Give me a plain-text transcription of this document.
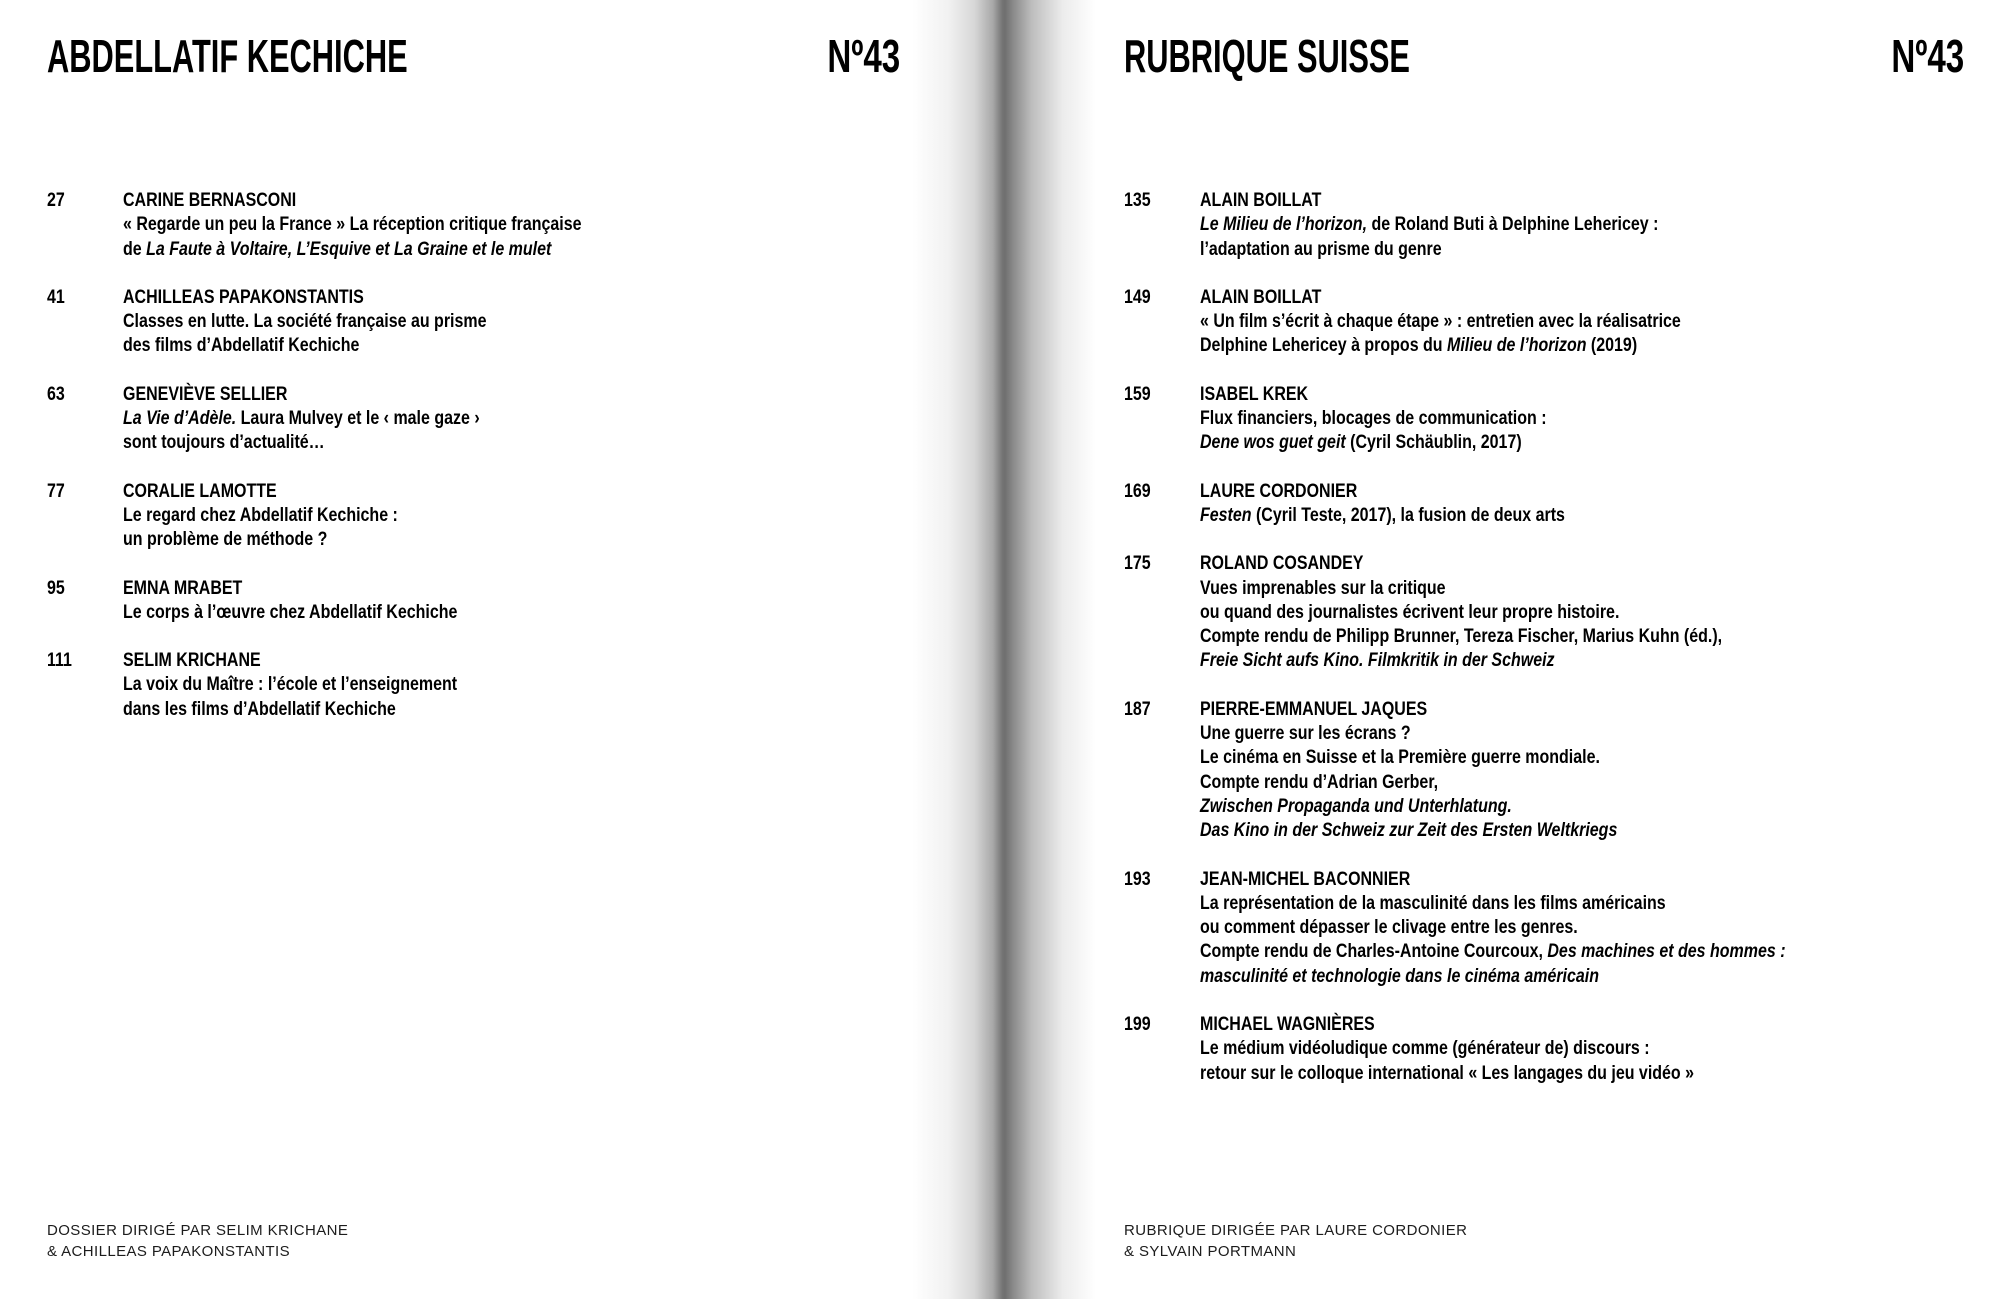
ABDELLATIF KECHICHE	Nº43
27	CARINE BERNASCONI
« Regarde un peu la France » La réception critique française
de La Faute à Voltaire, L’Esquive et La Graine et le mulet
41	ACHILLEAS PAPAKONSTANTIS
Classes en lutte. La société française au prisme
des films d’Abdellatif Kechiche
63	GENEVIÈVE SELLIER
La Vie d’Adèle. Laura Mulvey et le ‹ male gaze ›
sont toujours d’actualité…
77	CORALIE LAMOTTE
Le regard chez Abdellatif Kechiche :
un problème de méthode ?
95	EMNA MRABET
Le corps à l’œuvre chez Abdellatif Kechiche
111	SELIM KRICHANE
La voix du Maître : l’école et l’enseignement
dans les films d’Abdellatif Kechiche
DOSSIER DIRIGÉ PAR SELIM KRICHANE
& ACHILLEAS PAPAKONSTANTIS
RUBRIQUE SUISSE	Nº43
135	ALAIN BOILLAT
Le Milieu de l’horizon, de Roland Buti à Delphine Lehericey :
l’adaptation au prisme du genre
149	ALAIN BOILLAT
« Un film s’écrit à chaque étape » : entretien avec la réalisatrice
Delphine Lehericey à propos du Milieu de l’horizon (2019)
159	ISABEL KREK
Flux financiers, blocages de communication :
Dene wos guet geit (Cyril Schäublin, 2017)
169	LAURE CORDONIER
Festen (Cyril Teste, 2017), la fusion de deux arts
175	ROLAND COSANDEY
Vues imprenables sur la critique
ou quand des journalistes écrivent leur propre histoire.
Compte rendu de Philipp Brunner, Tereza Fischer, Marius Kuhn (éd.),
Freie Sicht aufs Kino. Filmkritik in der Schweiz
187	PIERRE-EMMANUEL JAQUES
Une guerre sur les écrans ?
Le cinéma en Suisse et la Première guerre mondiale.
Compte rendu d’Adrian Gerber,
Zwischen Propaganda und Unterhlatung.
Das Kino in der Schweiz zur Zeit des Ersten Weltkriegs
193	JEAN-MICHEL BACONNIER
La représentation de la masculinité dans les films américains
ou comment dépasser le clivage entre les genres.
Compte rendu de Charles-Antoine Courcoux, Des machines et des hommes :
masculinité et technologie dans le cinéma américain
199	MICHAEL WAGNIÈRES
Le médium vidéoludique comme (générateur de) discours :
retour sur le colloque international « Les langages du jeu vidéo »
RUBRIQUE DIRIGÉE PAR LAURE CORDONIER
& SYLVAIN PORTMANN
